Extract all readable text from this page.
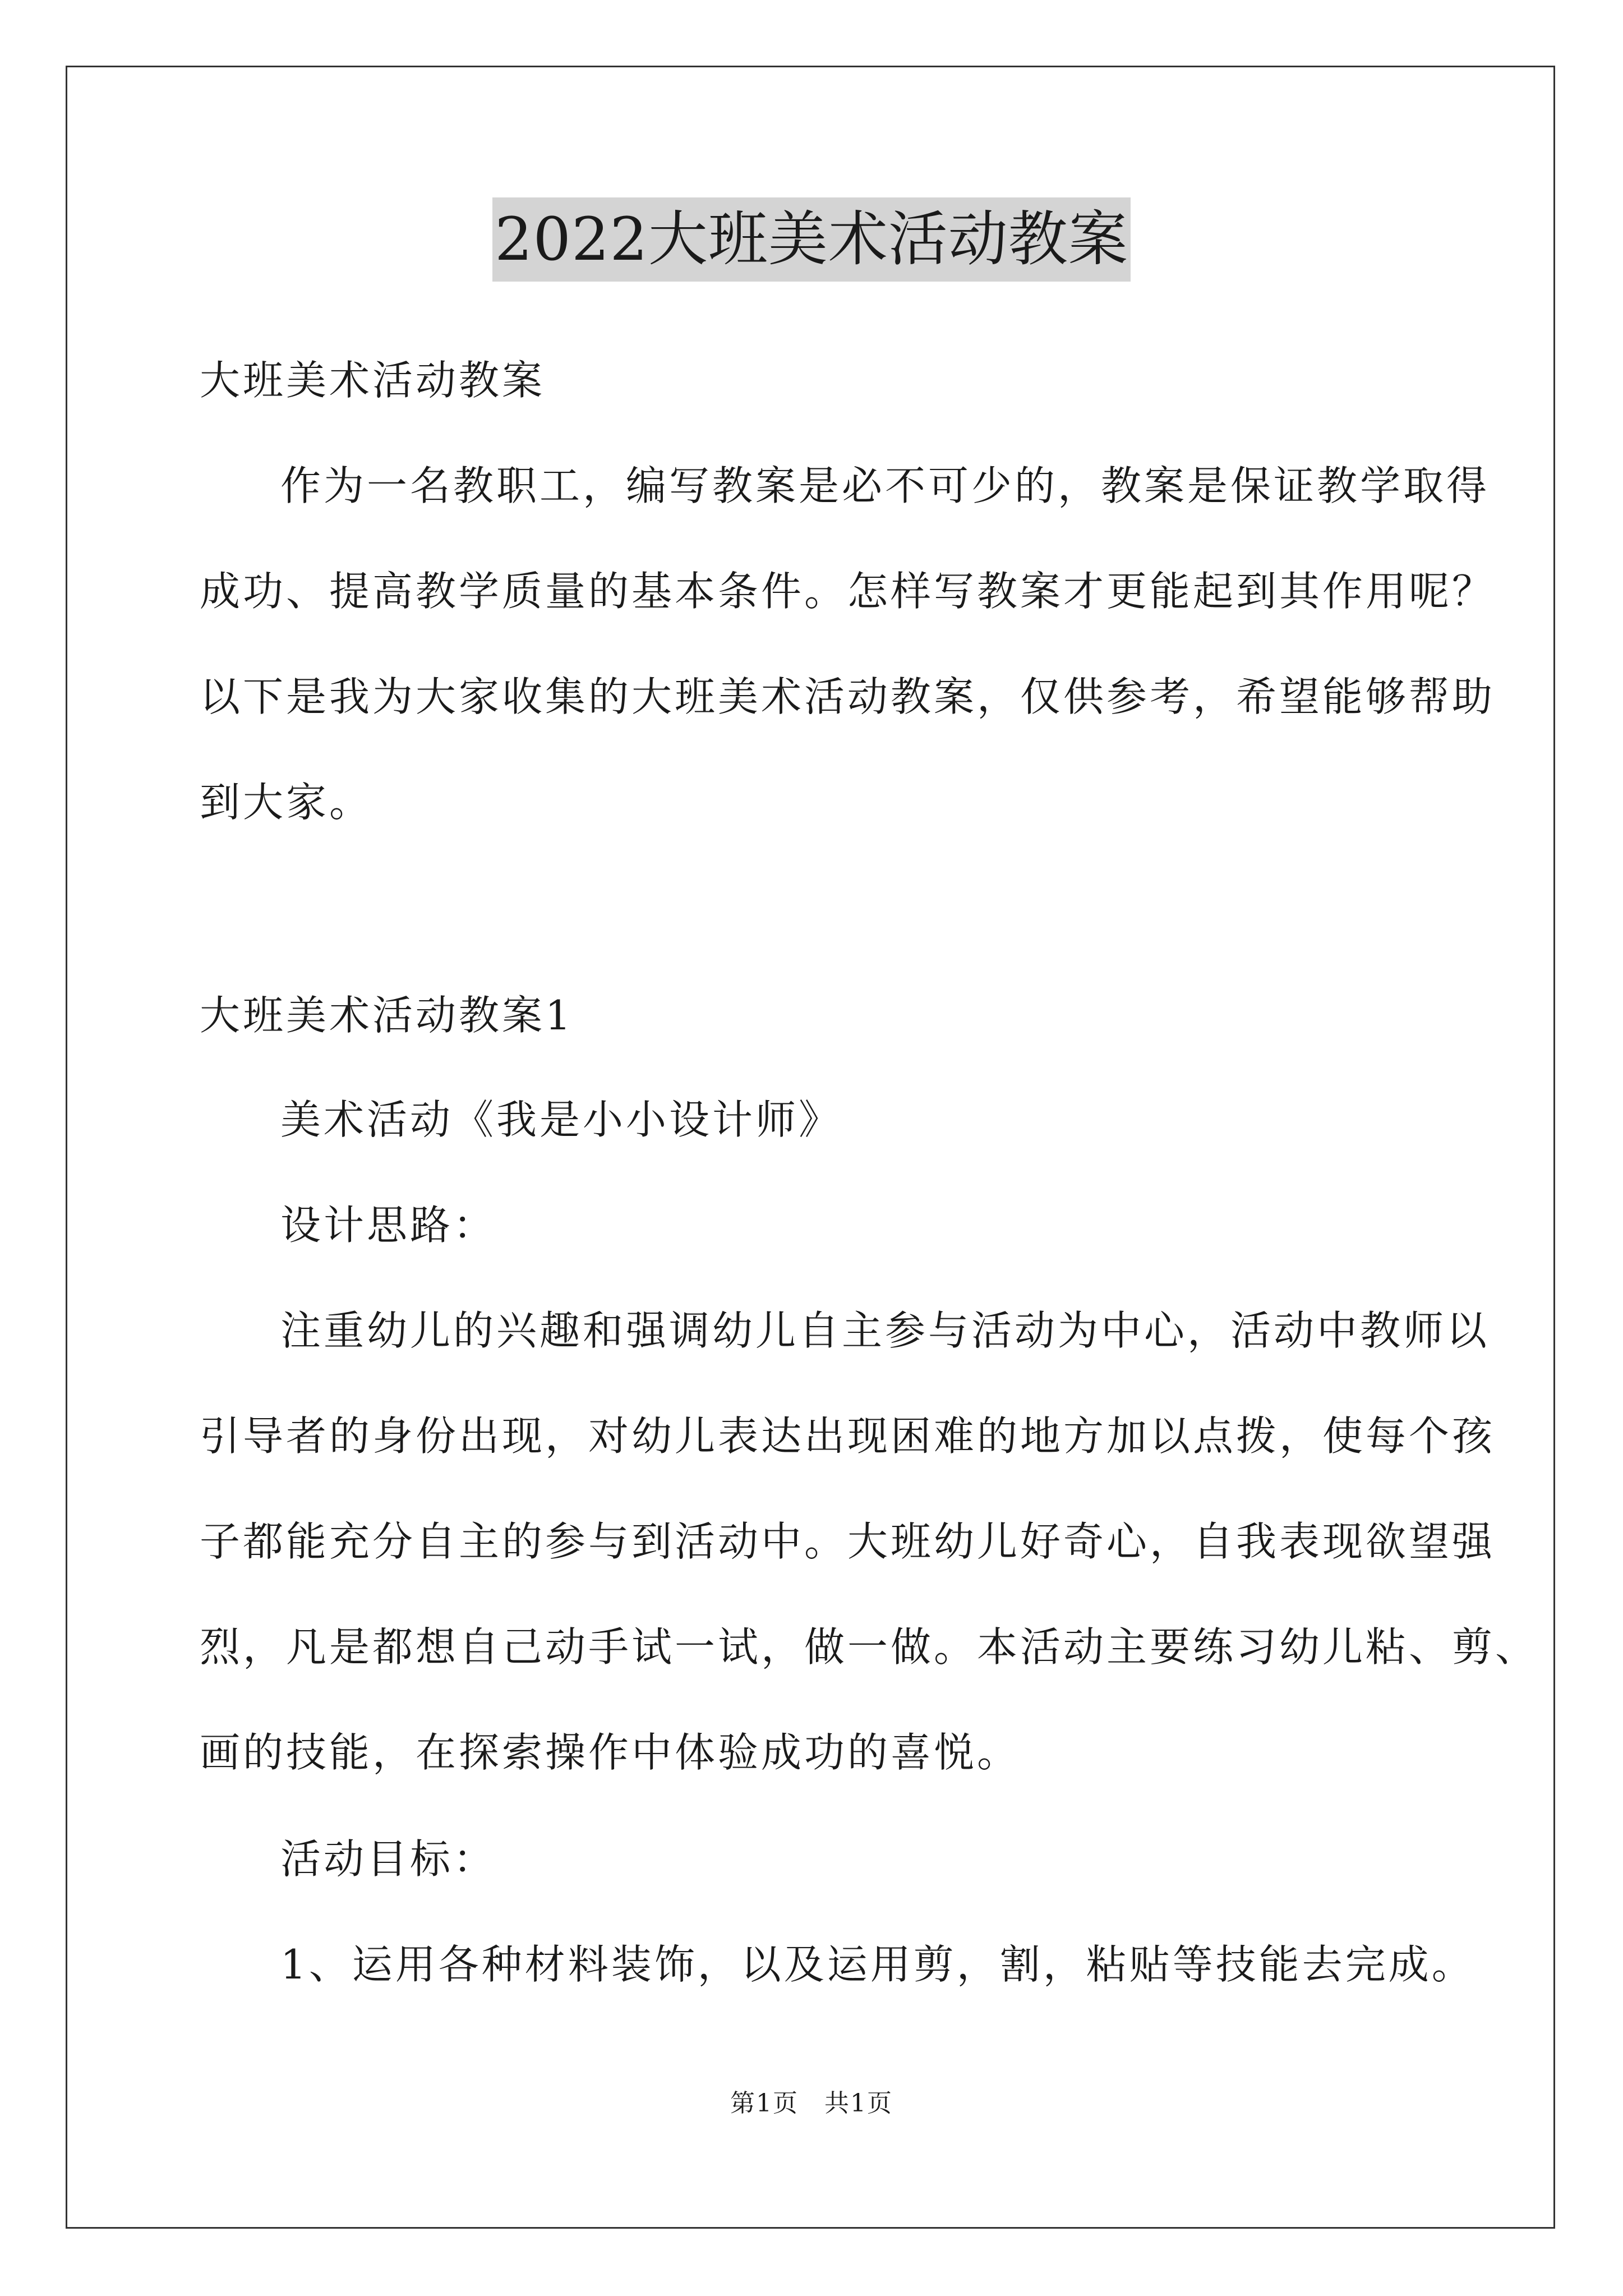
2022大班美术活动教案
大班美术活动教案
作为一名教职工，编写教案是必不可少的，教案是保证教学取得
成功、提高教学质量的基本条件。怎样写教案才更能起到其作用呢？
以下是我为大家收集的大班美术活动教案，仅供参考，希望能够帮助
到大家。
大班美术活动教案1
美术活动《我是小小设计师》
设计思路：
注重幼儿的兴趣和强调幼儿自主参与活动为中心，活动中教师以
引导者的身份出现，对幼儿表达出现困难的地方加以点拨，使每个孩
子都能充分自主的参与到活动中。大班幼儿好奇心，自我表现欲望强
烈，凡是都想自己动手试一试，做一做。本活动主要练习幼儿粘、剪、
画的技能，在探索操作中体验成功的喜悦。
活动目标：
1、运用各种材料装饰，以及运用剪，割，粘贴等技能去完成。
第1页　共1页
